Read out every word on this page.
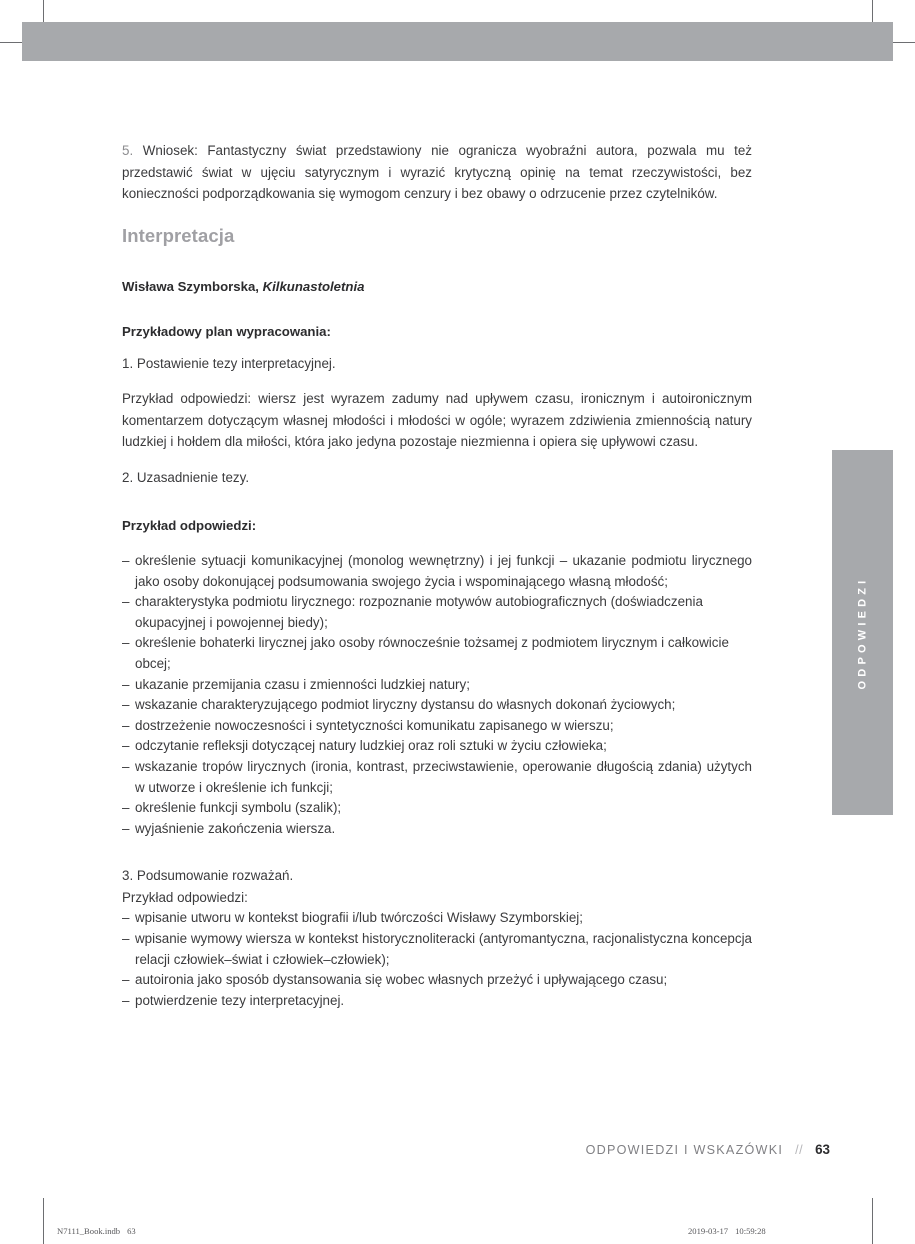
ODPOWIEDZI

5. Wniosek: Fantastyczny świat przedstawiony nie ogranicza wyobraźni autora, pozwala mu też przedstawić świat w ujęciu satyrycznym i wyrazić krytyczną opinię na temat rzeczywistości, bez konieczności podporządkowania się wymogom cenzury i bez obawy o odrzucenie przez czytelników.

Interpretacja

Wisława Szymborska, Kilkunastoletnia

Przykładowy plan wypracowania:

1. Postawienie tezy interpretacyjnej.

Przykład odpowiedzi: wiersz jest wyrazem zadumy nad upływem czasu, ironicznym i autoironicznym komentarzem dotyczącym własnej młodości i młodości w ogóle; wyrazem zdziwienia zmiennością natury ludzkiej i hołdem dla miłości, która jako jedyna pozostaje niezmienna i opiera się upływowi czasu.

2. Uzasadnienie tezy.

Przykład odpowiedzi:

– określenie sytuacji komunikacyjnej (monolog wewnętrzny) i jej funkcji – ukazanie podmiotu lirycznego jako osoby dokonującej podsumowania swojego życia i wspominającego własną młodość;
– charakterystyka podmiotu lirycznego: rozpoznanie motywów autobiograficznych (doświadczenia okupacyjnej i powojennej biedy);
– określenie bohaterki lirycznej jako osoby równocześnie tożsamej z podmiotem lirycznym i całkowicie obcej;
– ukazanie przemijania czasu i zmienności ludzkiej natury;
– wskazanie charakteryzującego podmiot liryczny dystansu do własnych dokonań życiowych;
– dostrzeżenie nowoczesności i syntetyczności komunikatu zapisanego w wierszu;
– odczytanie refleksji dotyczącej natury ludzkiej oraz roli sztuki w życiu człowieka;
– wskazanie tropów lirycznych (ironia, kontrast, przeciwstawienie, operowanie długością zdania) użytych w utworze i określenie ich funkcji;
– określenie funkcji symbolu (szalik);
– wyjaśnienie zakończenia wiersza.

3. Podsumowanie rozważań.

Przykład odpowiedzi:

– wpisanie utworu w kontekst biografii i/lub twórczości Wisławy Szymborskiej;
– wpisanie wymowy wiersza w kontekst historycznoliteracki (antyromantyczna, racjonalistyczna koncepcja relacji człowiek–świat i człowiek–człowiek);
– autoironia jako sposób dystansowania się wobec własnych przeżyć i upływającego czasu;
– potwierdzenie tezy interpretacyjnej.
ODPOWIEDZI I WSKAZÓWKI // 63
N7111_Book.indb 63	2019-03-17 10:59:28
